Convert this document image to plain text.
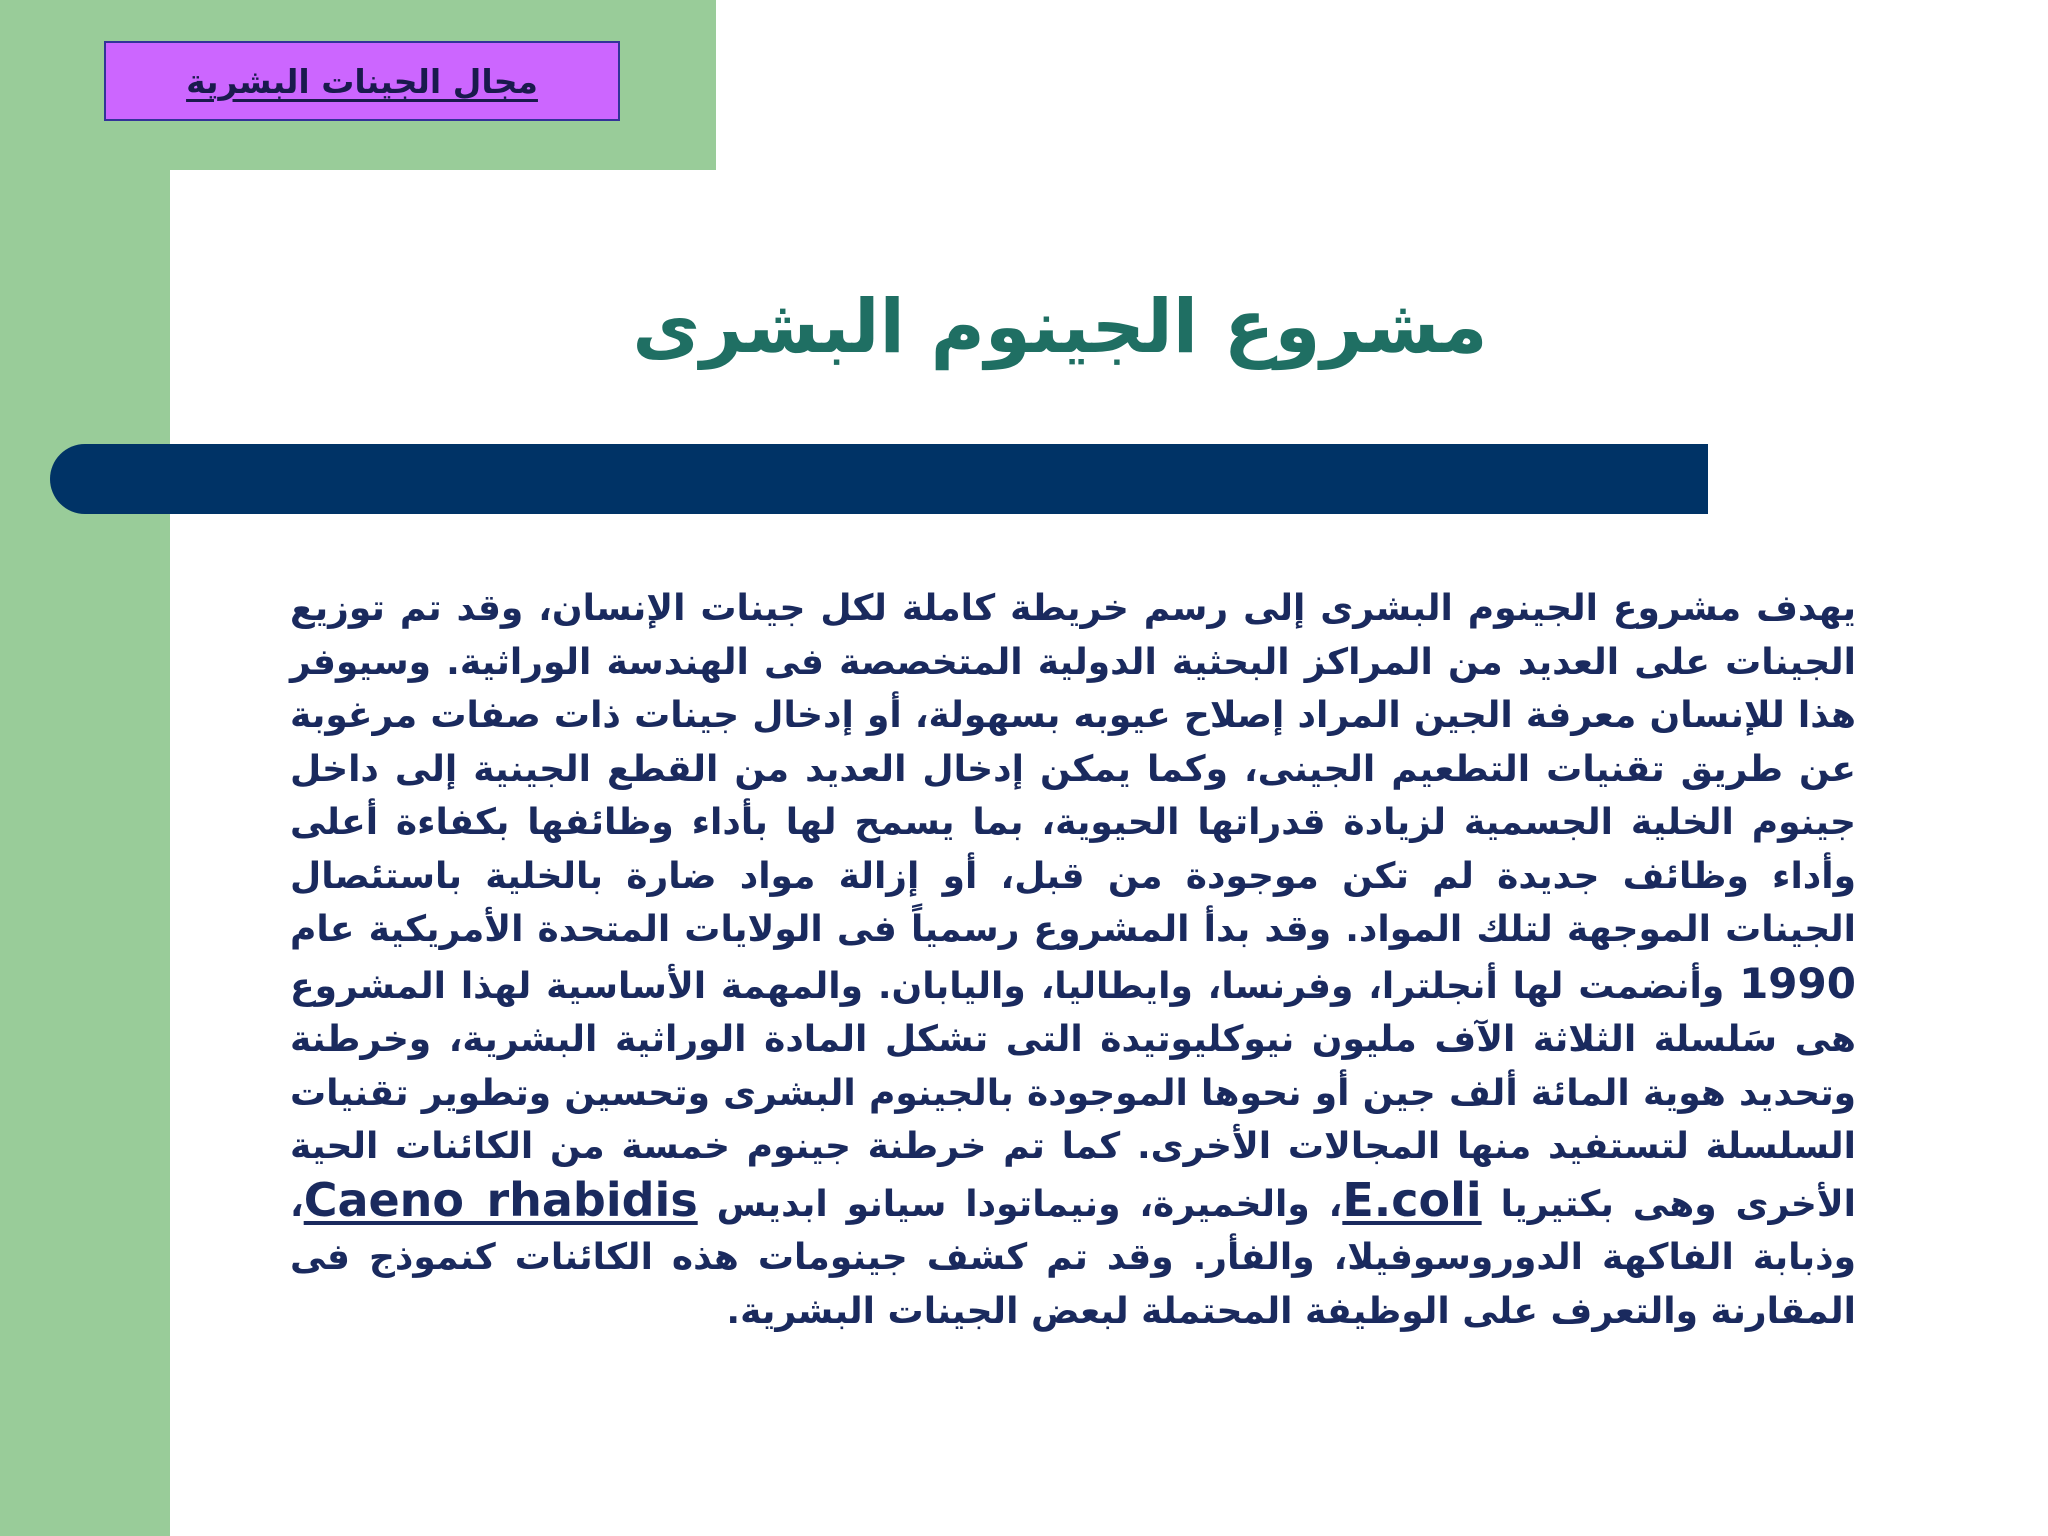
مجال الجينات البشرية
مشروع الجينوم البشرى
يهدف مشروع الجينوم البشرى إلى رسم خريطة كاملة لكل جينات الإنسان، وقد تم توزيع الجينات على العديد من المراكز البحثية الدولية المتخصصة فى الهندسة الوراثية. وسيوفر هذا للإنسان معرفة الجين المراد إصلاح عيوبه بسهولة، أو إدخال جينات ذات صفات مرغوبة عن طريق تقنيات التطعيم الجينى، وكما يمكن إدخال العديد من القطع الجينية إلى داخل جينوم الخلية الجسمية لزيادة قدراتها الحيوية، بما يسمح لها بأداء وظائفها بكفاءة أعلى وأداء وظائف جديدة لم تكن موجودة من قبل، أو إزالة مواد ضارة بالخلية باستئصال الجينات الموجهة لتلك المواد. وقد بدأ المشروع رسمياً فى الولايات المتحدة الأمريكية عام 1990 وأنضمت لها أنجلترا، وفرنسا، وايطاليا، واليابان. والمهمة الأساسية لهذا المشروع هى سَلسلة الثلاثة الآف مليون نيوكليوتيدة التى تشكل المادة الوراثية البشرية، وخرطنة وتحديد هوية المائة ألف جين أو نحوها الموجودة بالجينوم البشرى وتحسين وتطوير تقنيات السلسلة لتستفيد منها المجالات الأخرى. كما تم خرطنة جينوم خمسة من الكائنات الحية الأخرى وهى بكتيريا E.coli، والخميرة، ونيماتودا سيانو ابديس Caeno rhabidis، وذبابة الفاكهة الدوروسوفيلا، والفأر. وقد تم كشف جينومات هذه الكائنات كنموذج فى المقارنة والتعرف على الوظيفة المحتملة لبعض الجينات البشرية.
